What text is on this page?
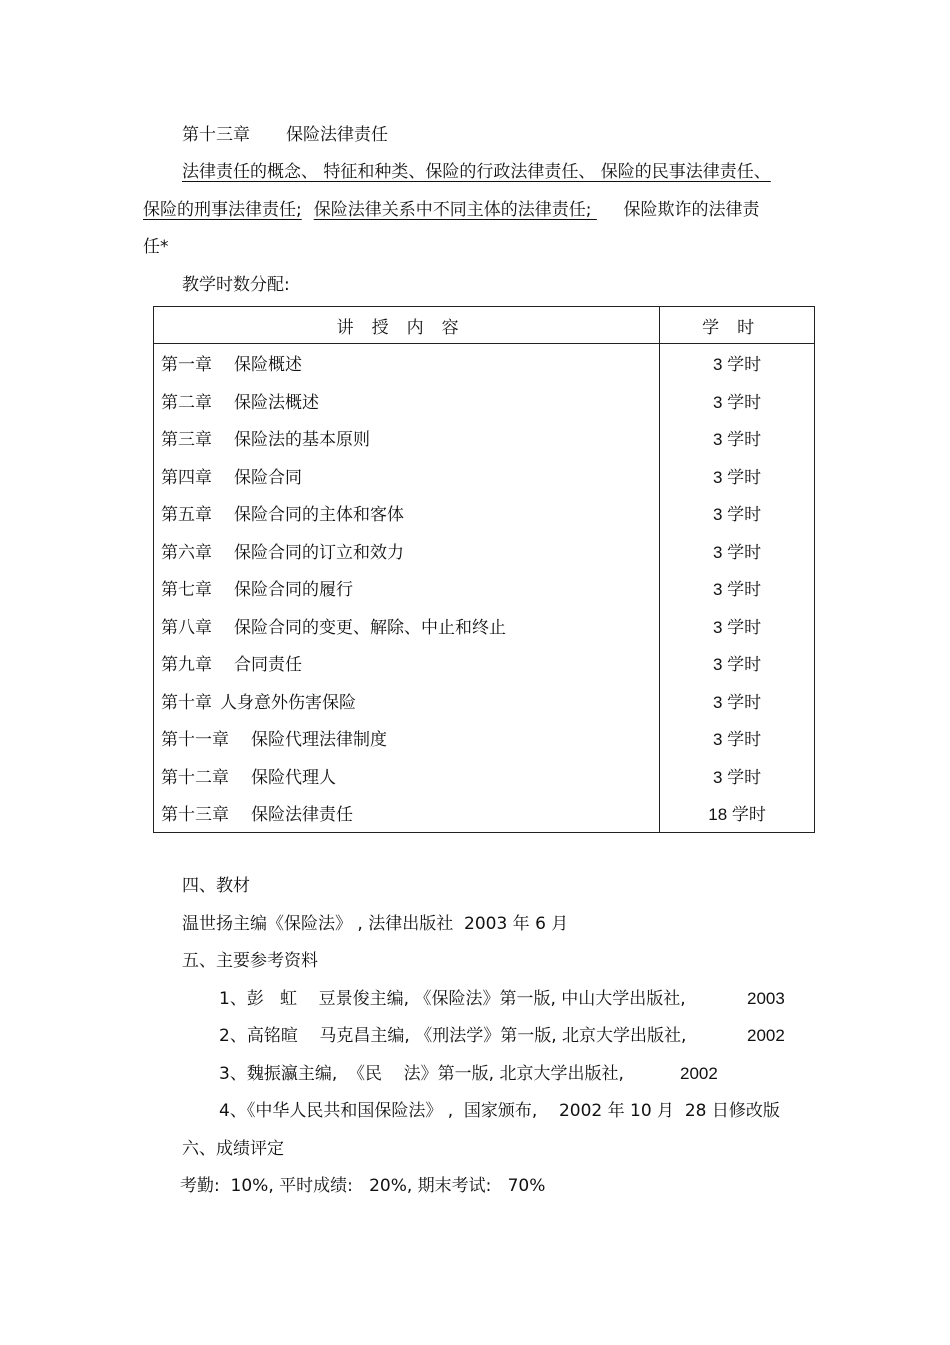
第十三章 保险法律责任
法律责任的概念、 特征和种类、保险的行政法律责任、 保险的民事法律责任、
保险的刑事法律责任; 保险法律关系中不同主体的法律责任; 保险欺诈的法律责
任*
教学时数分配:
讲授内容	学时
第一章 保险概述	3 学时
第二章 保险法概述	3 学时
第三章 保险法的基本原则	3 学时
第四章 保险合同	3 学时
第五章 保险合同的主体和客体	3 学时
第六章 保险合同的订立和效力	3 学时
第七章 保险合同的履行	3 学时
第八章 保险合同的变更、解除、中止和终止	3 学时
第九章 合同责任	3 学时
第十章 人身意外伤害保险	3 学时
第十一章 保险代理法律制度	3 学时
第十二章 保险代理人	3 学时
第十三章 保险法律责任	18 学时
四、教材
温世扬主编《保险法》 , 法律出版社  2003 年 6 月
五、主要参考资料
1、彭   虹    豆景俊主编, 《保险法》第一版, 中山大学出版社,	2003
2、高铭暄    马克昌主编, 《刑法学》第一版, 北京大学出版社,	2002
3、魏振瀛主编,  《民    法》第一版, 北京大学出版社,	2002
4、《中华人民共和国保险法》 ,  国家颁布,    2002 年 10 月  28 日修改版
六、成绩评定
考勤:  10%, 平时成绩:   20%, 期末考试:   70%
